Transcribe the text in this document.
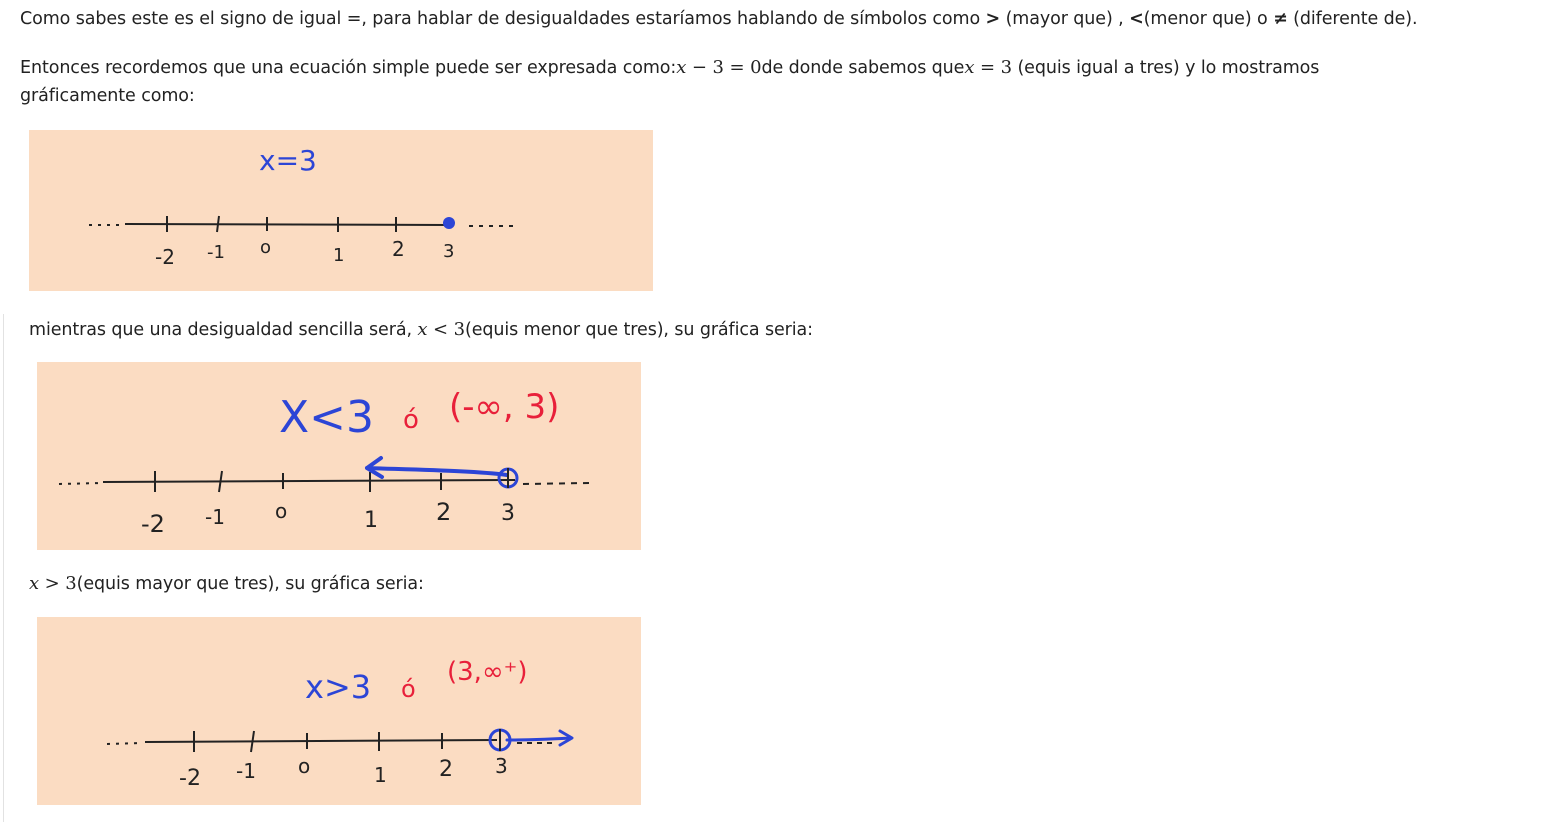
Como sabes este es el signo de igual =, para hablar de desigualdades estaríamos hablando de símbolos como > (mayor que) , <(menor que) o ≠ (diferente de).

Entonces recordemos que una ecuación simple puede ser expresada como:x − 3 = 0de donde sabemos quex = 3 (equis igual a tres) y lo mostramos

gráficamente como:

x=3
-2 -1 o	1 2 3

mientras que una desigualdad sencilla será, x < 3(equis menor que tres), su gráfica seria:

X<3 ó (-∞, 3)
-2 -1	o	1 2 3

x > 3(equis mayor que tres), su gráfica seria:

x>3 ó
(3,∞⁺)
-2 -1 o	1 2 3
